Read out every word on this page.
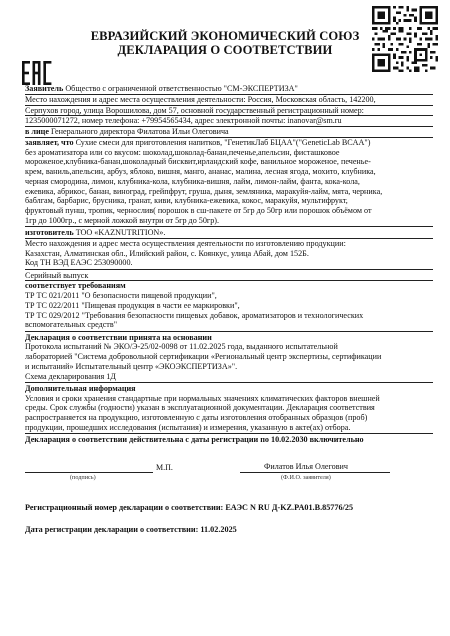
ЕВРАЗИЙСКИЙ ЭКОНОМИЧЕСКИЙ СОЮЗ
ДЕКЛАРАЦИЯ О СООТВЕТСТВИИ

Заявитель Общество с ограниченной ответственностью "СМ-ЭКСПЕРТИЗА"

Место нахождения и адрес места осуществления деятельности: Россия, Московская область, 142200,

Серпухов город, улица Ворошилова, дом 57, основной государственный регистрационный номер:

1235000071272, номер телефона: +79954565434, адрес электронной почты: inanovar@sm.ru

в лице Генерального директора Филатова Ильи Олеговича

заявляет, что Сухие смеси для приготовления напитков, "ГенетикЛаб БЦАА"("GeneticLab BCAA")

без ароматизатора или со вкусом: шоколад,шоколад-банан,печенье,апельсин, фисташковое

мороженое,клубника-банан,шоколадный бисквит,ирландский кофе, ванильное мороженое, печенье-

крем, ваниль,апельсин, арбуз, яблоко, вишня, манго, ананас, малина, лесная ягода, мохито, клубника,

черная смородина, лимон, клубника-кола, клубника-вишня, лайм, лимон-лайм, фанта, кока-кола,

ежевика, абрикос, банан, виноград, грейпфрут, груша, дыня, земляника, маракуйя-лайм, мята, черника,

баблгам, барбарис, брусника, гранат, киви, клубника-ежевика, кокос, маракуйя, мультифрукт,

фруктовый пунш, тропик, чернослив( порошок в сш-пакете от 5гр до 50гр или порошок объёмом от

1гр до 1000гр., с мерной ложкой внутри от 5гр до 50гр).

изготовитель ТОО «KAZNUTRITION».

Место нахождения и адрес места осуществления деятельности по изготовлению продукции:

Казахстан, Алматинская обл., Илийский район, с. Коянкус, улица Абай, дом 152Б.

Код ТН ВЭД ЕАЭС 253090000.

Серийный выпуск

соответствует требованиям

ТР ТС 021/2011 "О безопасности пищевой продукции",

ТР ТС 022/2011 "Пищевая продукция в части ее маркировки",

ТР ТС 029/2012 "Требования безопасности пищевых добавок, ароматизаторов и технологических

вспомогательных средств"

Декларация о соответствии принята на основании

Протокола испытаний № ЭКО/Э-25/02-0098 от 11.02.2025 года, выданного испытательной

лабораторией "Система добровольной сертификации «Региональный центр экспертизы, сертификации

и испытаний» Испытательный центр «ЭКОЭКСПЕРТИЗА»".

Схема декларирования 1Д

Дополнительная информация

Условия и сроки хранения стандартные при нормальных значениях климатических факторов внешней

среды. Срок службы (годности) указан в эксплуатационной документации. Декларация соответствия

распространяется на продукцию, изготовленную с даты изготовления отобранных образцов (проб)

продукции, прошедших исследования (испытания) и измерения, указанную в акте(ах) отбора.

Декларация о соответствии действительна с даты регистрации по 10.02.2030 включительно

(подпись)
М.П.	Филатов Илья Олегович
(Ф.И.О. заявителя)
Регистрационный номер декларации о соответствии: ЕАЭС N RU Д-KZ.PA01.B.85776/25
Дата регистрации декларации о соответствии: 11.02.2025
